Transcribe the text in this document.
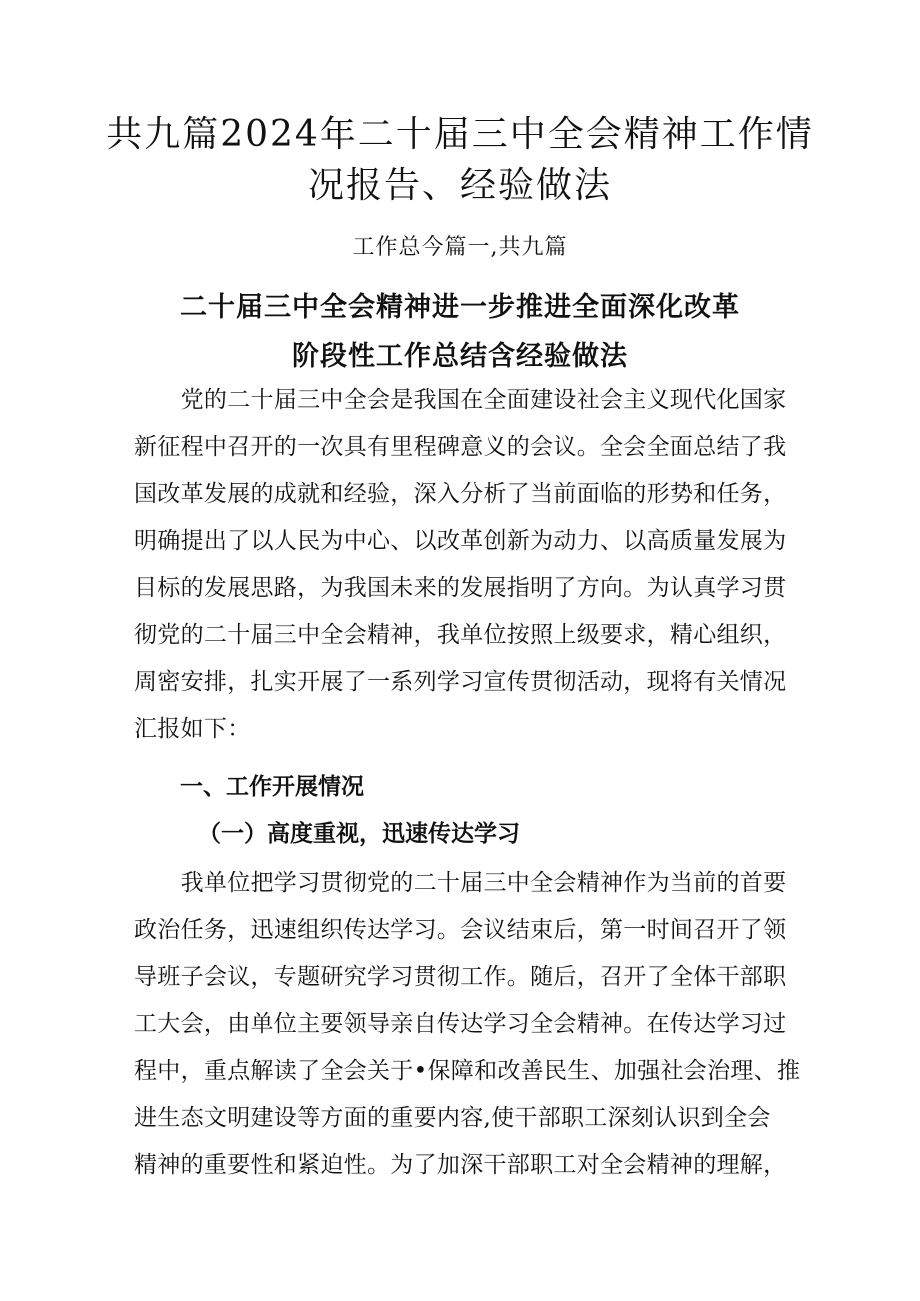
共九篇2024年二十届三中全会精神工作情
况报告、经验做法
工作总今篇一,共九篇
二十届三中全会精神进一步推进全面深化改革
阶段性工作总结含经验做法

　　党的二十届三中全会是我国在全面建设社会主义现代化国家
新征程中召开的一次具有里程碑意义的会议。全会全面总结了我
国改革发展的成就和经验，深入分析了当前面临的形势和任务，
明确提出了以人民为中心、以改革创新为动力、以高质量发展为
目标的发展思路，为我国未来的发展指明了方向。为认真学习贯
彻党的二十届三中全会精神，我单位按照上级要求，精心组织，
周密安排，扎实开展了一系列学习宣传贯彻活动，现将有关情况
汇报如下：

一、工作开展情况
（一）高度重视，迅速传达学习

　　我单位把学习贯彻党的二十届三中全会精神作为当前的首要
政治任务，迅速组织传达学习。会议结束后，第一时间召开了领
导班子会议，专题研究学习贯彻工作。随后，召开了全体干部职
工大会，由单位主要领导亲自传达学习全会精神。在传达学习过
程中，重点解读了全会关于•保障和改善民生、加强社会治理、推
进生态文明建设等方面的重要内容,使干部职工深刻认识到全会
精神的重要性和紧迫性。为了加深干部职工对全会精神的理解，
